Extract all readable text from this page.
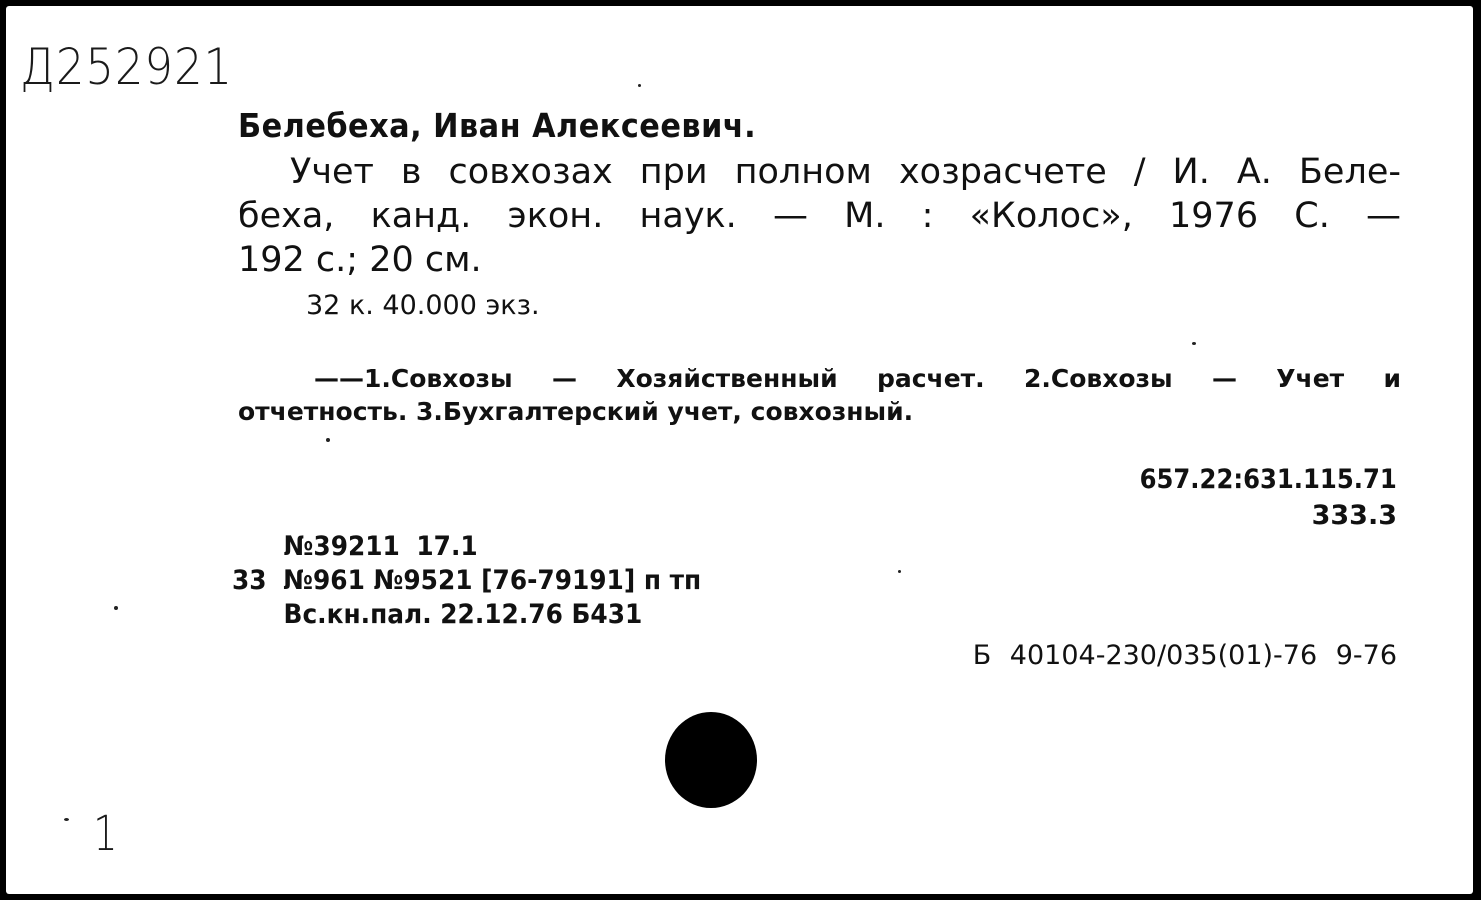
Д252921
Белебеха, Иван Алексеевич.
Учет в совхозах при полном хозрасчете / И. А. Беле-
беха, канд. экон. наук. — М. : «Колос», 1976 С. —
192 с.; 20 см.
32 к. 40.000 экз.
——1.Совхозы — Хозяйственный расчет. 2.Совхозы — Учет и
отчетность. 3.Бухгалтерский учет, совхозный.
657.22:631.115.71
333.3
№39211 17.1
33 №961 №9521 [76-79191] п тп
Вс.кн.пал. 22.12.76 Б431
Б 40104-230/035(01)-76 9-76
1
